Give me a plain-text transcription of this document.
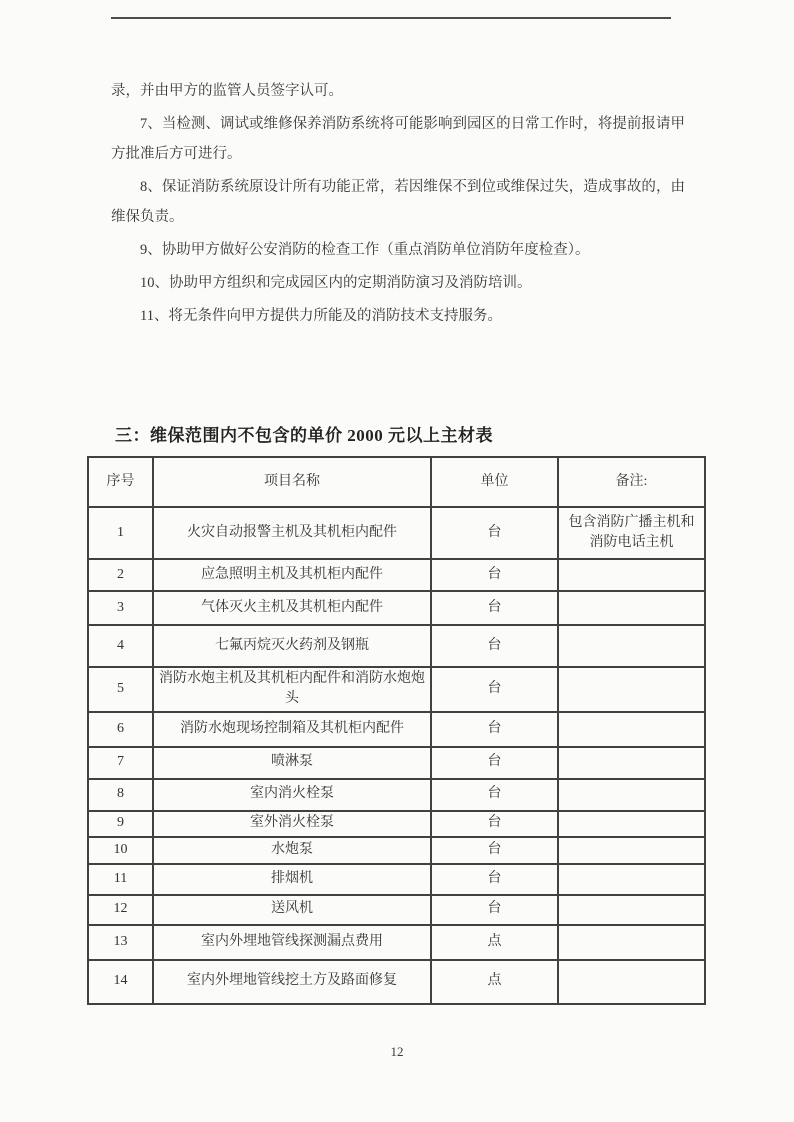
录，并由甲方的监管人员签字认可。

7、当检测、调试或维修保养消防系统将可能影响到园区的日常工作时，将提前报请甲方批准后方可进行。

8、保证消防系统原设计所有功能正常，若因维保不到位或维保过失，造成事故的，由维保负责。

9、协助甲方做好公安消防的检查工作（重点消防单位消防年度检查）。

10、协助甲方组织和完成园区内的定期消防演习及消防培训。

11、将无条件向甲方提供力所能及的消防技术支持服务。

三：维保范围内不包含的单价 2000 元以上主材表
序号	项目名称	单位	备注:
1	火灾自动报警主机及其机柜内配件	台	包含消防广播主机和消防电话主机
2	应急照明主机及其机柜内配件	台	
3	气体灭火主机及其机柜内配件	台	
4	七氟丙烷灭火药剂及钢瓶	台	
5	消防水炮主机及其机柜内配件和消防水炮炮头	台	
6	消防水炮现场控制箱及其机柜内配件	台	
7	喷淋泵	台	
8	室内消火栓泵	台	
9	室外消火栓泵	台	
10	水炮泵	台	
11	排烟机	台	
12	送风机	台	
13	室内外埋地管线探测漏点费用	点	
14	室内外埋地管线挖土方及路面修复	点	
12
